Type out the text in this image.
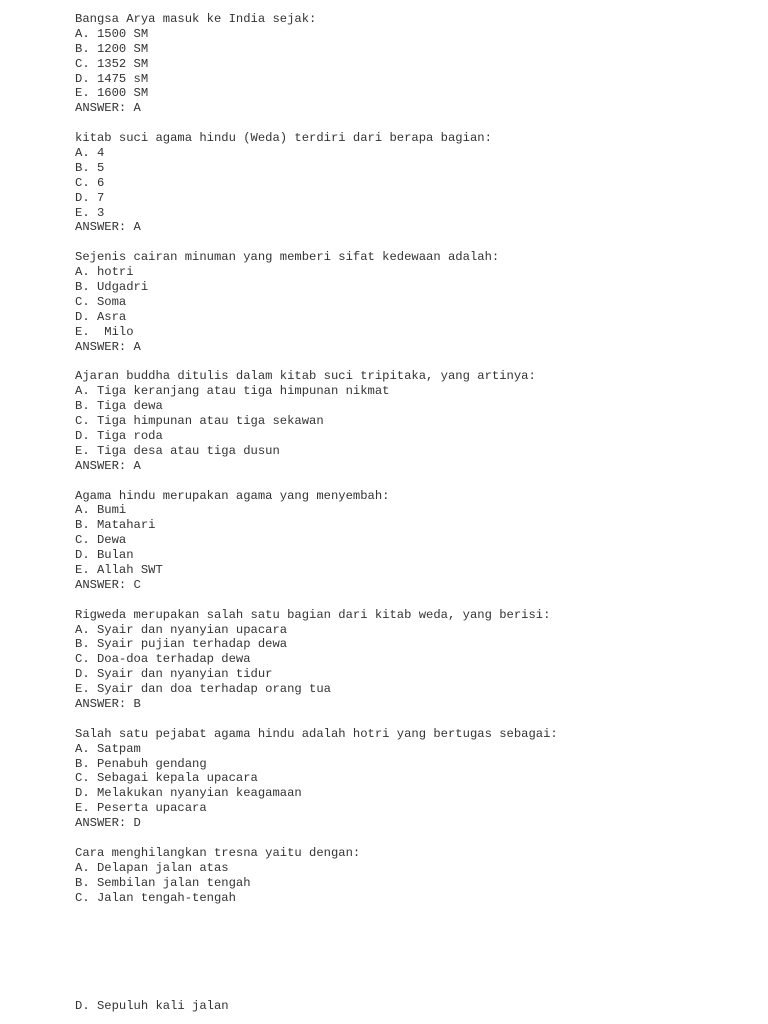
Bangsa Arya masuk ke India sejak:
A. 1500 SM
B. 1200 SM
C. 1352 SM
D. 1475 sM
E. 1600 SM
ANSWER: A
kitab suci agama hindu (Weda) terdiri dari berapa bagian:
A. 4
B. 5
C. 6
D. 7
E. 3
ANSWER: A
Sejenis cairan minuman yang memberi sifat kedewaan adalah:
A. hotri
B. Udgadri
C. Soma
D. Asra
E.  Milo
ANSWER: A
Ajaran buddha ditulis dalam kitab suci tripitaka, yang artinya:
A. Tiga keranjang atau tiga himpunan nikmat
B. Tiga dewa
C. Tiga himpunan atau tiga sekawan
D. Tiga roda
E. Tiga desa atau tiga dusun
ANSWER: A
Agama hindu merupakan agama yang menyembah:
A. Bumi
B. Matahari
C. Dewa
D. Bulan
E. Allah SWT
ANSWER: C
Rigweda merupakan salah satu bagian dari kitab weda, yang berisi:
A. Syair dan nyanyian upacara
B. Syair pujian terhadap dewa
C. Doa-doa terhadap dewa
D. Syair dan nyanyian tidur
E. Syair dan doa terhadap orang tua
ANSWER: B
Salah satu pejabat agama hindu adalah hotri yang bertugas sebagai:
A. Satpam
B. Penabuh gendang
C. Sebagai kepala upacara
D. Melakukan nyanyian keagamaan
E. Peserta upacara
ANSWER: D
Cara menghilangkan tresna yaitu dengan:
A. Delapan jalan atas
B. Sembilan jalan tengah
C. Jalan tengah-tengah
D. Sepuluh kali jalan
